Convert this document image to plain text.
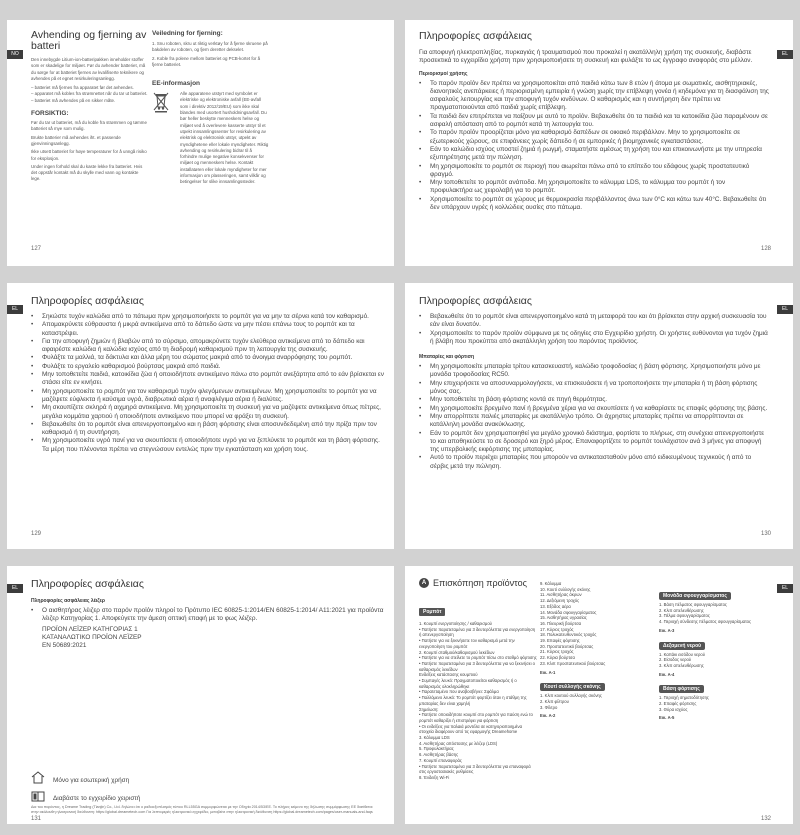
NO
Avhending og fjerning av batteri
Den innebygde Litium-ion-batteripakken inneholder stoffer som er skadelige for miljøet. Før du avhender batteriet, må du sørge for at batteriet fjernes av kvalifiserte teknikere og avhendes på et egnet resirkuleringsanlegg.
– batteriet må fjernes fra apparatet før det avhendes.
– apparatet må kobles fra strømnettet når du tar ut batteriet.
– batteriet må avhendes på en sikker måte.
FORSIKTIG:
Før du tar ut batteriet, må du koble fra strømmen og tømme batteriet så mye som mulig.
Brukte batterier må avhendes iht. et passende gjenvinningsanlegg.
Ikke utsett batteriet for høye temperaturer for å unngå risiko for eksplosjon.
Under ingen forhold skal du kaste lekke fra batteriet. Hvis det oppstår kontakt må du skylle med vann og kontakte lege.
Veiledning for fjerning:
1. Snu roboten, skru ut riktig verktøy for å fjerne skruene på bakdelen av roboten, og fjern deretter dekselet.
2. Koble fra polene mellom batteriet og PCB-kortet for å fjerne batteriet.
EE-informasjon
Alle apparatene utstyrt med symbolet er elektriske og elektroniske avfall (EE-avfall som i direktiv 2012/19/EU) som ikke skal blandes med usortert husholdningsavfall. Du bør heller beskytte menneskers helse og miljøet ved å overlevere kasserte utstyr til et utpekt innsamlingssenter for resirkulering av elektrisk og elektronisk utstyr, utpekt av myndighetene eller lokale myndigheter. Riktig avhending og resirkulering bidrar til å forhindre mulige negative konsekvenser for miljøet og menneskers helse. Kontakt installatøren eller lokale myndigheter for mer informasjon om plasseringen, samt vilkår og betingelser for slike innsamlingssteder.
127
EL
Πληροφορίες ασφάλειας
Για αποφυγή ηλεκτροπληξίας, πυρκαγιάς ή τραυματισμού που προκαλεί η ακατάλληλη χρήση της συσκευής, διαβάστε προσεκτικά το εγχειρίδιο χρήστη πριν χρησιμοποιήσετε τη συσκευή και φυλάξτε το ως έγγραφο αναφοράς στο μέλλον.
Περιορισμοί χρήσης
• Το παρόν προϊόν δεν πρέπει να χρησιμοποιείται από παιδιά κάτω των 8 ετών ή άτομα με σωματικές, αισθητηριακές, διανοητικές ανεπάρκειες ή περιορισμένη εμπειρία ή γνώση χωρίς την επίβλεψη γονέα ή κηδεμόνα για τη διασφάλιση της ασφαλούς λειτουργίας και την αποφυγή τυχόν κινδύνων. Ο καθαρισμός και η συντήρηση δεν πρέπει να πραγματοποιούνται από παιδιά χωρίς επίβλεψη.
• Τα παιδιά δεν επιτρέπεται να παίζουν με αυτό το προϊόν. Βεβαιωθείτε ότι τα παιδιά και τα κατοικίδια ζώα παραμένουν σε ασφαλή απόσταση από το ρομπότ κατά τη λειτουργία του.
• Το παρόν προϊόν προορίζεται μόνο για καθαρισμό δαπέδων σε οικιακό περιβάλλον. Μην το χρησιμοποιείτε σε εξωτερικούς χώρους, σε επιφάνειες χωρίς δάπεδο ή σε εμπορικές ή βιομηχανικές εγκαταστάσεις.
• Εάν το καλώδιο ισχύος υποστεί ζημιά ή ρωγμή, σταματήστε αμέσως τη χρήση του και επικοινωνήστε με την υπηρεσία εξυπηρέτησης μετά την πώληση.
• Μη χρησιμοποιείτε το ρομπότ σε περιοχή που αιωρείται πάνω από το επίπεδο του εδάφους χωρίς προστατευτικό φραγμό.
• Μην τοποθετείτε το ρομπότ ανάποδα. Μη χρησιμοποιείτε το κάλυμμα LDS, το κάλυμμα του ρομπότ ή τον προφυλακτήρα ως χειρολαβή για το ρομπότ.
• Χρησιμοποιείτε το ρομπότ σε χώρους με θερμοκρασία περιβάλλοντος άνω των 0°C και κάτω των 40°C. Βεβαιωθείτε ότι δεν υπάρχουν υγρές ή κολλώδεις ουσίες στο πάτωμα.
128
EL
Πληροφορίες ασφάλειας
• Σηκώστε τυχόν καλώδια από το πάτωμα πριν χρησιμοποιήσετε το ρομπότ για να μην τα σέρνει κατά τον καθαρισμό.
• Απομακρύνετε εύθραυστα ή μικρά αντικείμενα από το δάπεδο ώστε να μην πέσει επάνω τους το ρομπότ και τα καταστρέψει.
• Για την αποφυγή ζημιών ή βλαβών από το σύρσιμο, απομακρύνετε τυχόν ελεύθερα αντικείμενα από το δάπεδο και αφαιρέστε καλώδια ή καλώδια ισχύος από τη διαδρομή καθαρισμού πριν τη λειτουργία της συσκευής.
• Φυλάξτε τα μαλλιά, τα δάκτυλα και άλλα μέρη του σώματος μακριά από το άνοιγμα αναρρόφησης του ρομπότ.
• Φυλάξτε το εργαλείο καθαρισμού βούρτσας μακριά από παιδιά.
• Μην τοποθετείτε παιδιά, κατοικίδια ζώα ή οποιοδήποτε αντικείμενο πάνω στο ρομπότ ανεξάρτητα από το εάν βρίσκεται εν στάσει είτε εν κινήσει.
• Μη χρησιμοποιείτε το ρομπότ για τον καθαρισμό τυχόν φλεγόμενων αντικειμένων. Μη χρησιμοποιείτε το ρομπότ για να μαζέψετε εύφλεκτα ή καύσιμα υγρά, διαβρωτικά αέρια ή αναφλέγιμα αέρια ή διαλύτες.
• Μη σκουπίζετε σκληρά ή αιχμηρά αντικείμενα. Μη χρησιμοποιείτε τη συσκευή για να μαζέψετε αντικείμενα όπως πέτρες, μεγάλα κομμάτια χαρτιού ή οποιοδήποτε αντικείμενο που μπορεί να φράξει τη συσκευή.
• Βεβαιωθείτε ότι το ρομπότ είναι απενεργοποιημένο και η βάση φόρτισης είναι αποσυνδεδεμένη από την πρίζα πριν τον καθαρισμό ή τη συντήρηση.
• Μη χρησιμοποιείτε υγρό πανί για να σκουπίσετε ή οποιοδήποτε υγρό για να ξεπλύνετε το ρομπότ και τη βάση φόρτισης. Τα μέρη που πλένονται πρέπει να στεγνώσουν εντελώς πριν την εγκατάσταση και χρήση τους.
129
EL
Πληροφορίες ασφάλειας
• Βεβαιωθείτε ότι το ρομπότ είναι απενεργοποιημένο κατά τη μεταφορά του και ότι βρίσκεται στην αρχική συσκευασία του εάν είναι δυνατόν.
• Χρησιμοποιείτε το παρόν προϊόν σύμφωνα με τις οδηγίες στο Εγχειρίδιο χρήστη. Οι χρήστες ευθύνονται για τυχόν ζημιά ή βλάβη που προκύπτει από ακατάλληλη χρήση του παρόντος προϊόντος.
Μπαταρίες και φόρτιση
• Μη χρησιμοποιείτε μπαταρία τρίτου κατασκευαστή, καλώδιο τροφοδοσίας ή βάση φόρτισης. Χρησιμοποιήστε μόνο με μονάδα τροφοδοσίας RC50.
• Μην επιχειρήσετε να αποσυναρμολογήσετε, να επισκευάσετε ή να τροποποιήσετε την μπαταρία ή τη βάση φόρτισης μόνος σας.
• Μην τοποθετείτε τη βάση φόρτισης κοντά σε πηγή θερμότητας.
• Μη χρησιμοποιείτε βρεγμένο πανί ή βρεγμένα χέρια για να σκουπίσετε ή να καθαρίσετε τις επαφές φόρτισης της βάσης.
• Μην απορρίπτετε παλιές μπαταρίες με ακατάλληλο τρόπο. Οι άχρηστες μπαταρίες πρέπει να απορρίπτονται σε κατάλληλη μονάδα ανακύκλωσης.
• Εάν το ρομπότ δεν χρησιμοποιηθεί για μεγάλο χρονικό διάστημα, φορτίστε το πλήρως, στη συνέχεια απενεργοποιήστε το και αποθηκεύστε το σε δροσερό και ξηρό μέρος. Επαναφορτίζετε το ρομπότ τουλάχιστον ανά 3 μήνες για αποφυγή της υπερβολικής εκφόρτισης της μπαταρίας.
• Αυτό το προϊόν περιέχει μπαταρίες που μπορούν να αντικατασταθούν μόνο από ειδικευμένους τεχνικούς ή από το σέρβις μετά την πώληση.
130
EL	Πληροφορίες ασφάλειας
Πληροφορίες ασφάλειας λέιζερ
• Ο αισθητήρας λέιζερ στο παρόν προϊόν πληροί το Πρότυπο IEC 60825-1:2014/EN 60825-1:2014/ A11:2021 για προϊόντα λέιζερ Κατηγορίας 1. Αποφεύγετε την άμεση οπτική επαφή με το φως λέιζερ.
ΠΡΟΪΟΝ ΛΕΪΖΕΡ ΚΑΤΗΓΟΡΙΑΣ 1
ΚΑΤΑΝΑΛΩΤΙΚΟ ΠΡΟΪΟΝ ΛΕΪΖΕΡ
EN 50689:2021
Μόνο για εσωτερική χρήση
Διαβάστε το εγχειρίδιο χειριστή
Δια του παρόντος, η Dreame Trading (Tianjin) Co., Ltd. δηλώνει ότι ο ραδιοεξοπλισμός τύπου RLL55GA συμμορφώνεται με την Οδηγία 2014/53/ΕΕ. Το πλήρες κείμενο της δήλωσης συμμόρφωσης ΕΕ διατίθεται στην ακόλουθη ηλεκτρονική διεύθυνση: https://global.dreametech.com Για λεπτομερές ηλεκτρονικό εγχειρίδιο, μεταβείτε στην ηλεκτρονική διεύθυνση https://global.dreametech.com/pages/user-manuals-and-faqs
131
EL
A Επισκόπηση προϊόντος
Ρομπότ
1. Κουμπί ενεργοποίησης / καθαρισμού
• Πατήστε παρατεταμένα για 3 δευτερόλεπτα για ενεργοποίηση ή απενεργοποίηση
• Πατήστε για να ξεκινήσετε τον καθαρισμό μετά την ενεργοποίηση του ρομπότ
2. Κουμπί σταθμού/καθαρισμού λεκέδων
• Πατήστε για να στείλετε το ρομπότ πίσω στο σταθμό φόρτισης
• Πατήστε παρατεταμένα για 3 δευτερόλεπτα για να ξεκινήσει ο καθαρισμός λεκέδων
Ενδείξεις κατάστασης κουμπιού
• Συμπαγές λευκό: Πραγματοποιείται καθαρισμός ή ο καθαρισμός ολοκληρώθηκε
• Παρατεταμένο που αναβοσβήνει: Σφάλμα
• Παλλόμενο λευκό: Το ρομπότ φορτίζει όταν η στάθμη της μπαταρίας δεν είναι χαμηλή
Σημείωση:
• Πατήστε οποιοδήποτε κουμπί στο ρομπότ για παύση ενώ το ρομπότ καθαρίζει ή επιστρέφει για φόρτιση
• Οι ενδείξεις για παλαιά μοντέλα σε κατηγοριοποιημένα στοιχεία διαφέρουν από τις εφαρμογής Dreamehome
3. Κάλυμμα LDS
4. Αισθητήρας απόστασης με λέιζερ (LDS)
5. Προφυλακτήρας
6. Αισθητήρας βάσης
7. Κουμπί επαναφοράς
• Πατήστε παρατεταμένα για 3 δευτερόλεπτα για επαναφορά στις εργοστασιακές ρυθμίσεις
8. Ένδειξη Wi-Fi
9. Κάλυμμα
10. Κουτί συλλογής σκόνης
11. Αισθητήρας άκρων
12. Δεξιόμενη τροχός
13. Εξόδος αέρα
14. Μονάδα σφουγγαρίσματος
15. Αισθητήρας υγρασίας
16. Πλευρική βούρτσα
17. Κύριος τροχός
18. Πολυκατευθυντικός τροχός
19. Επαφές φόρτισης
20. Προστατευτικό βούρτσας
21. Κύριος τροχός
22. Κύρια βούρτσα
23. Κλιπ προστατευτικού βούρτσας
Εικ. A-1
Κουτί συλλογής σκόνης
1. Κλιπ κουτιού συλλογής σκόνης
2. Κλιπ φίλτρου
3. Φίλτρο
Εικ. A-2
Μονάδα σφουγγαρίσματος
1. Βάση πέλματος σφουγγαρίσματος
2. Κλιπ απελευθέρωσης
3. Πέλμα σφουγγαρίσματος
4. Περιοχή σύνδεσης πέλματος σφουγγαρίσματος
Εικ. A-3
Δεξαμενή νερού
1. Καπάκι εισόδου νερού
2. Είσοδος νερού
3. Κλιπ απελευθέρωσης
Εικ. A-4
Βάση φόρτισης
1. Περιοχή σηματοδότησης
2. Επαφές φόρτισης
3. Θύρα ισχύος
Εικ. A-5
132
